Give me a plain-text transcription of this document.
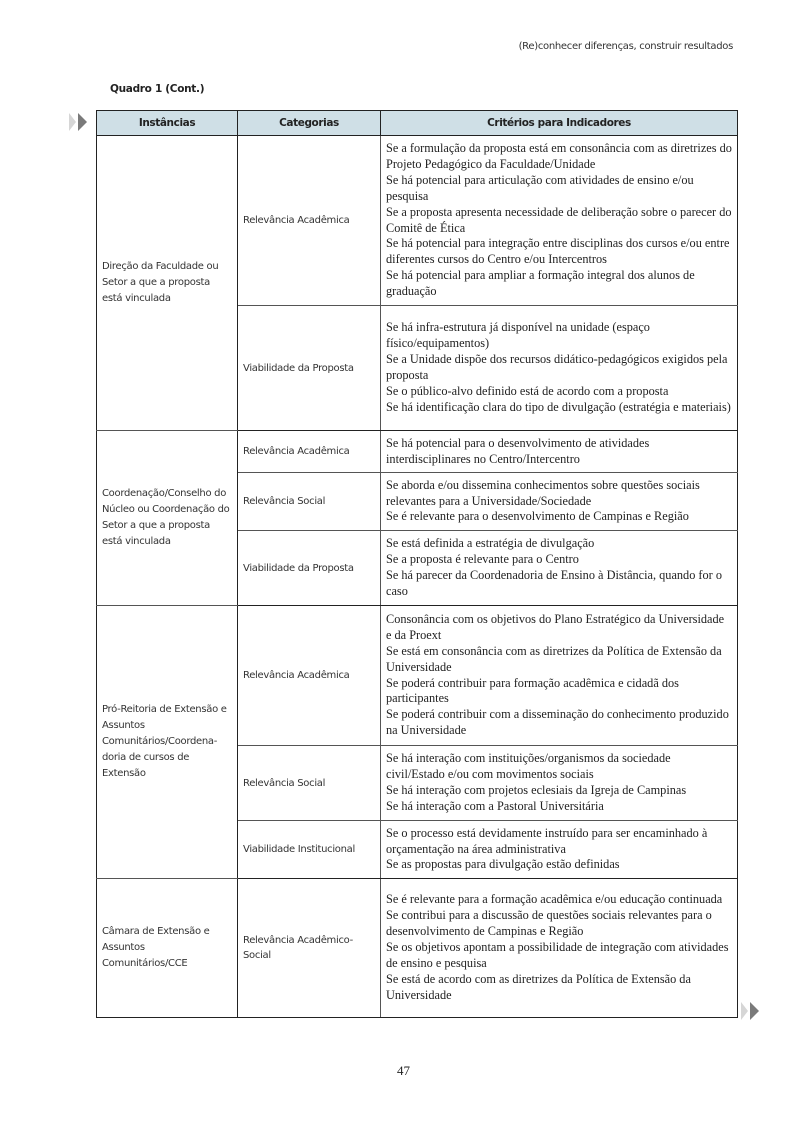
(Re)conhecer diferenças, construir resultados
Quadro 1 (Cont.)
Instâncias	Categorias	Critérios para Indicadores
Direção da Faculdade ou Setor a que a proposta está vinculada	Relevância Acadêmica	Se a formulação da proposta está em consonância com as diretrizes do Projeto Pedagógico da Faculdade/Unidade
Se há potencial para articulação com atividades de ensino e/ou pesquisa
Se a proposta apresenta necessidade de deliberação sobre o parecer do Comitê de Ética
Se há potencial para integração entre disciplinas dos cursos e/ou entre diferentes cursos do Centro e/ou Intercentros
Se há potencial para ampliar a formação integral dos alunos de graduação

	Viabilidade da Proposta	Se há infra-estrutura já disponível na unidade (espaço físico/equipamentos)
Se a Unidade dispõe dos recursos didático-pedagógicos exigidos pela proposta
Se o público-alvo definido está de acordo com a proposta
Se há identificação clara do tipo de divulgação (estratégia e materiais)

Coordenação/Conselho do Núcleo ou Coordenação do Setor a que a proposta está vinculada	Relevância Acadêmica	Se há potencial para o desenvolvimento de atividades interdisciplinares no Centro/Intercentro

	Relevância Social	Se aborda e/ou dissemina conhecimentos sobre questões sociais relevantes para a Universidade/Sociedade
Se é relevante para o desenvolvimento de Campinas e Região

	Viabilidade da Proposta	Se está definida a estratégia de divulgação
Se a proposta é relevante para o Centro
Se há parecer da Coordenadoria de Ensino à Distância, quando for o caso

Pró-Reitoria de Extensão e Assuntos Comunitários/Coordena-doria de cursos de Extensão	Relevância Acadêmica	Consonância com os objetivos do Plano Estratégico da Universidade e da Proext
Se está em consonância com as diretrizes da Política de Extensão da Universidade
Se poderá contribuir para formação acadêmica e cidadã dos participantes
Se poderá contribuir com a disseminação do conhecimento produzido na Universidade

	Relevância Social	Se há interação com instituições/organismos da sociedade civil/Estado e/ou com movimentos sociais
Se há interação com projetos eclesiais da Igreja de Campinas
Se há interação com a Pastoral Universitária

	Viabilidade Institucional	Se o processo está devidamente instruído para ser encaminhado à orçamentação na área administrativa
Se as propostas para divulgação estão definidas

Câmara de Extensão e Assuntos Comunitários/CCE	Relevância Acadêmico-Social	Se é relevante para a formação acadêmica e/ou educação continuada
Se contribui para a discussão de questões sociais relevantes para o desenvolvimento de Campinas e Região
Se os objetivos apontam a possibilidade de integração com atividades de ensino e pesquisa
Se está de acordo com as diretrizes da Política de Extensão da Universidade
47
